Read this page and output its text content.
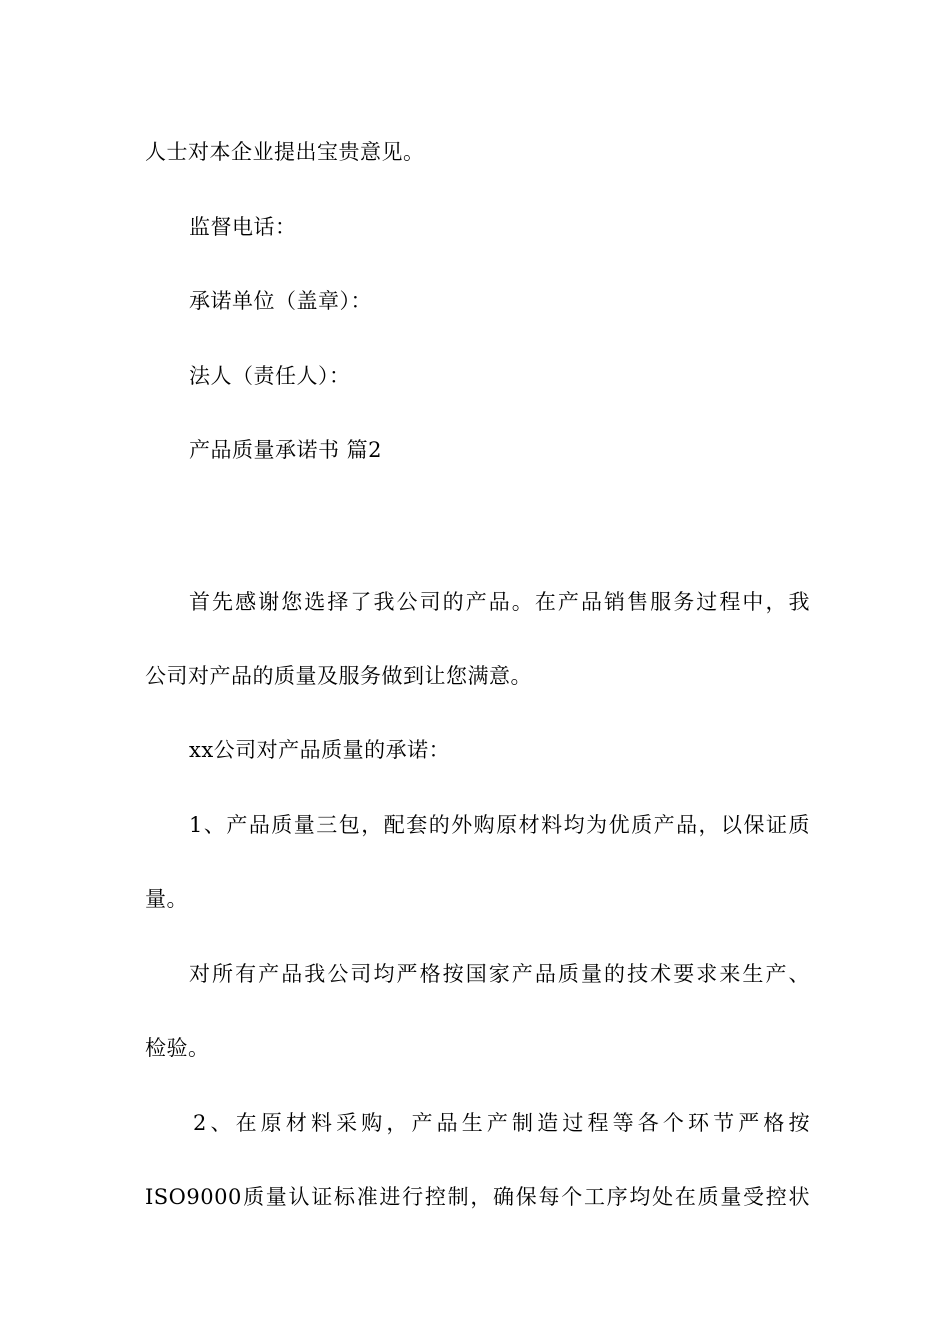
人士对本企业提出宝贵意见。
监督电话：
承诺单位（盖章）：
法人（责任人）：
产品质量承诺书 篇2
首先感谢您选择了我公司的产品。在产品销售服务过程中，我
公司对产品的质量及服务做到让您满意。
xx公司对产品质量的承诺：
1、产品质量三包，配套的外购原材料均为优质产品，以保证质
量。
对所有产品我公司均严格按国家产品质量的技术要求来生产、
检验。
2、在原材料采购，产品生产制造过程等各个环节严格按
ISO9000质量认证标准进行控制，确保每个工序均处在质量受控状
